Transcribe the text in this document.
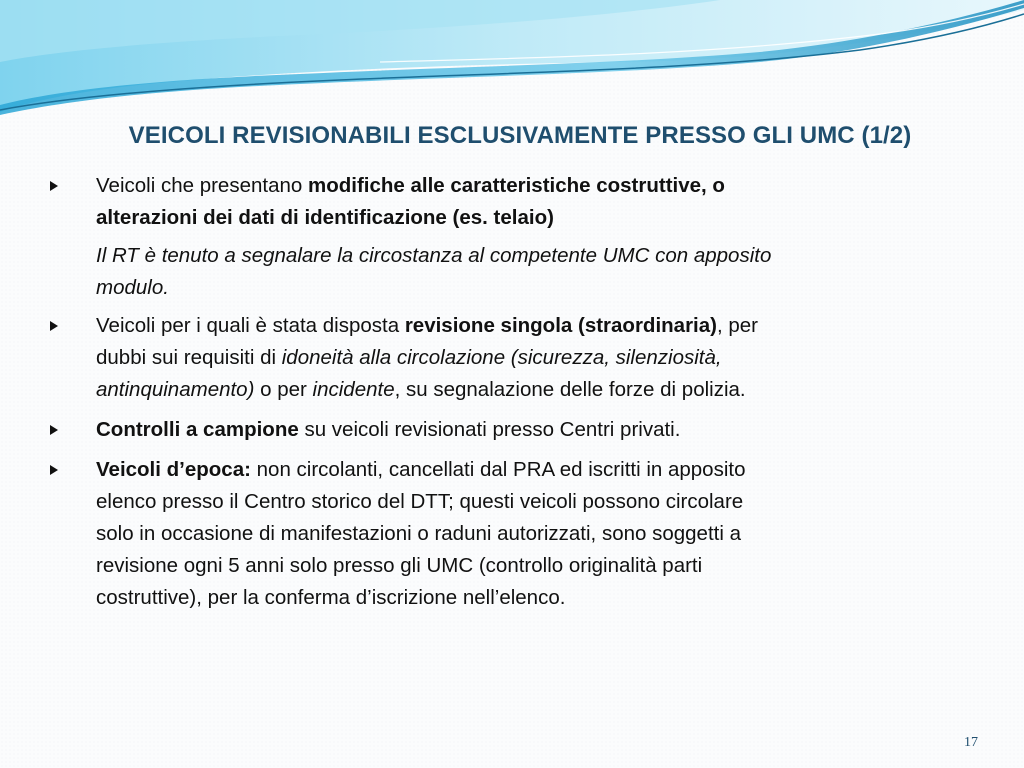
VEICOLI REVISIONABILI ESCLUSIVAMENTE PRESSO GLI UMC (1/2)
Veicoli che presentano modifiche alle caratteristiche costruttive, o
alterazioni dei dati di identificazione (es. telaio)
Il RT è tenuto a segnalare la circostanza al competente UMC con apposito
modulo.
Veicoli per i quali è stata disposta revisione singola (straordinaria), per
dubbi sui requisiti di idoneità alla circolazione (sicurezza, silenziosità,
antinquinamento) o per incidente, su segnalazione delle forze di polizia.
Controlli a campione su veicoli revisionati presso Centri privati.
Veicoli d’epoca: non circolanti, cancellati dal PRA ed iscritti in apposito
elenco presso il Centro storico del DTT; questi veicoli possono circolare
solo in occasione di manifestazioni o raduni autorizzati, sono soggetti a
revisione ogni 5 anni solo presso gli UMC (controllo originalità parti
costruttive), per la conferma d’iscrizione nell’elenco.
17
